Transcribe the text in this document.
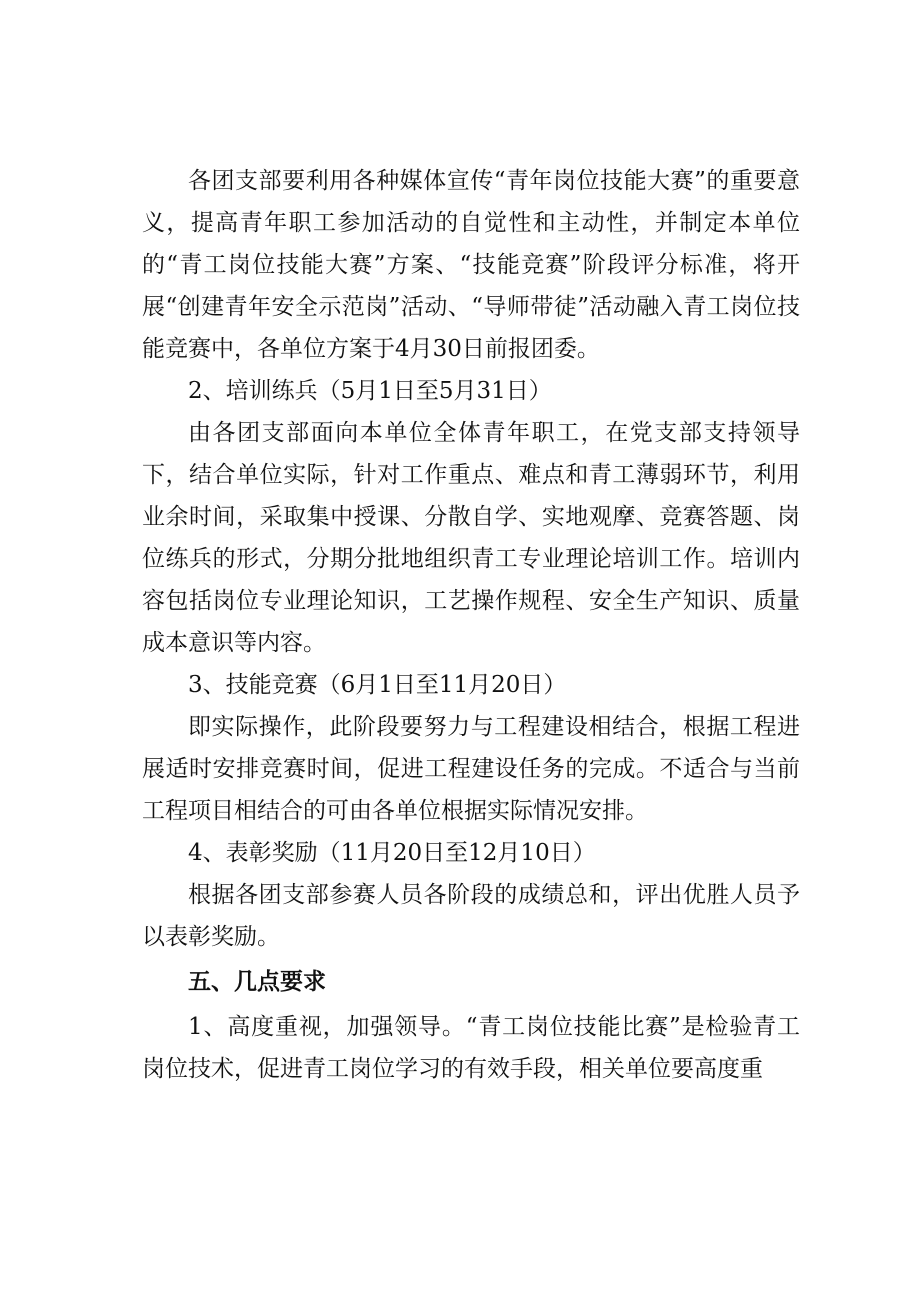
各团支部要利用各种媒体宣传“青年岗位技能大赛”的重要意义，提高青年职工参加活动的自觉性和主动性，并制定本单位的“青工岗位技能大赛”方案、“技能竞赛”阶段评分标准，将开展“创建青年安全示范岗”活动、“导师带徒”活动融入青工岗位技能竞赛中，各单位方案于4月30日前报团委。

2、培训练兵（5月1日至5月31日）

由各团支部面向本单位全体青年职工，在党支部支持领导下，结合单位实际，针对工作重点、难点和青工薄弱环节，利用业余时间，采取集中授课、分散自学、实地观摩、竞赛答题、岗位练兵的形式，分期分批地组织青工专业理论培训工作。培训内容包括岗位专业理论知识，工艺操作规程、安全生产知识、质量成本意识等内容。

3、技能竞赛（6月1日至11月20日）

即实际操作，此阶段要努力与工程建设相结合，根据工程进展适时安排竞赛时间，促进工程建设任务的完成。不适合与当前工程项目相结合的可由各单位根据实际情况安排。

4、表彰奖励（11月20日至12月10日）

根据各团支部参赛人员各阶段的成绩总和，评出优胜人员予以表彰奖励。

五、几点要求

1、高度重视，加强领导。“青工岗位技能比赛”是检验青工岗位技术，促进青工岗位学习的有效手段，相关单位要高度重
